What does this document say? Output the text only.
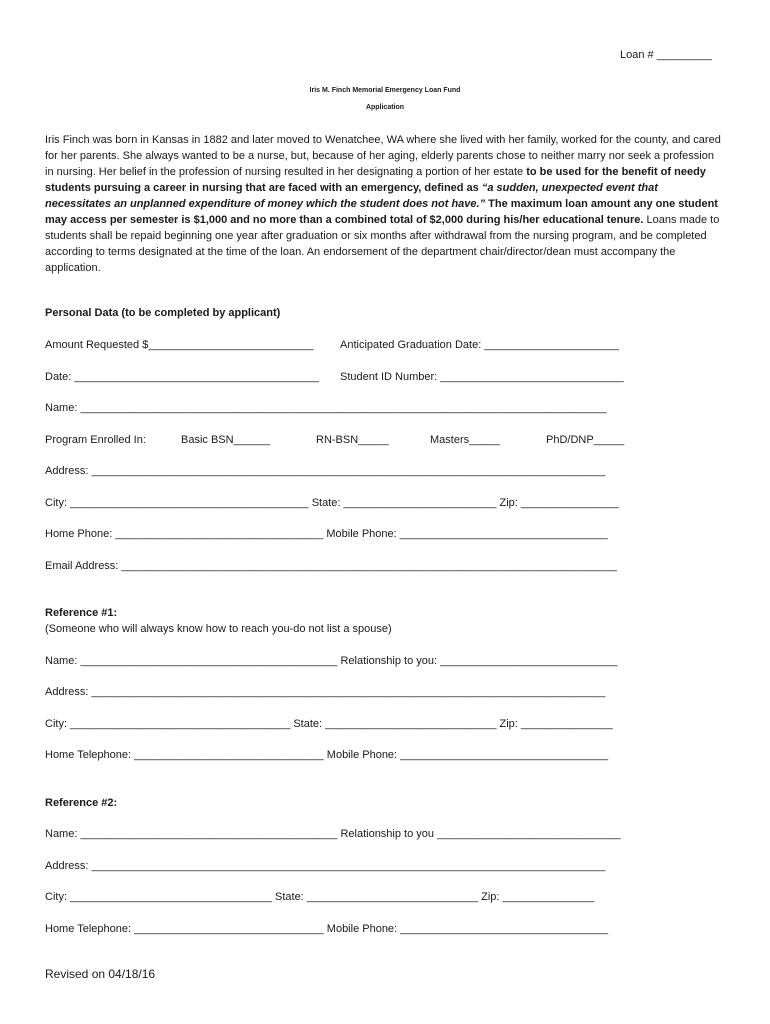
Loan # _________
Iris M. Finch Memorial Emergency Loan Fund
Application
Iris Finch was born in Kansas in 1882 and later moved to Wenatchee, WA where she lived with her family, worked for the county, and cared for her parents. She always wanted to be a nurse, but, because of her aging, elderly parents chose to neither marry nor seek a profession in nursing. Her belief in the profession of nursing resulted in her designating a portion of her estate to be used for the benefit of needy students pursuing a career in nursing that are faced with an emergency, defined as “a sudden, unexpected event that necessitates an unplanned expenditure of money which the student does not have.” The maximum loan amount any one student may access per semester is $1,000 and no more than a combined total of $2,000 during his/her educational tenure. Loans made to students shall be repaid beginning one year after graduation or six months after withdrawal from the nursing program, and be completed according to terms designated at the time of the loan. An endorsement of the department chair/director/dean must accompany the application.
Personal Data (to be completed by applicant)
Amount Requested $___________________________ Anticipated Graduation Date: ______________________
Date: ________________________________________ Student ID Number: ______________________________
Name: ______________________________________________________________________________________
Program Enrolled In:	Basic BSN______	RN-BSN_____	Masters_____	PhD/DNP_____
Address: ____________________________________________________________________________________
City: _______________________________________ State: _________________________ Zip: ________________
Home Phone: __________________________________ Mobile Phone: __________________________________
Email Address: _________________________________________________________________________________
Reference #1:
(Someone who will always know how to reach you-do not list a spouse)
Name: __________________________________________ Relationship to you: _____________________________
Address: ____________________________________________________________________________________
City: ____________________________________ State: ____________________________ Zip: _______________
Home Telephone: _______________________________ Mobile Phone: __________________________________
Reference #2:
Name: __________________________________________ Relationship to you ______________________________
Address: ____________________________________________________________________________________
City: _________________________________ State: ____________________________ Zip: _______________
Home Telephone: _______________________________ Mobile Phone: __________________________________
Revised on 04/18/16
